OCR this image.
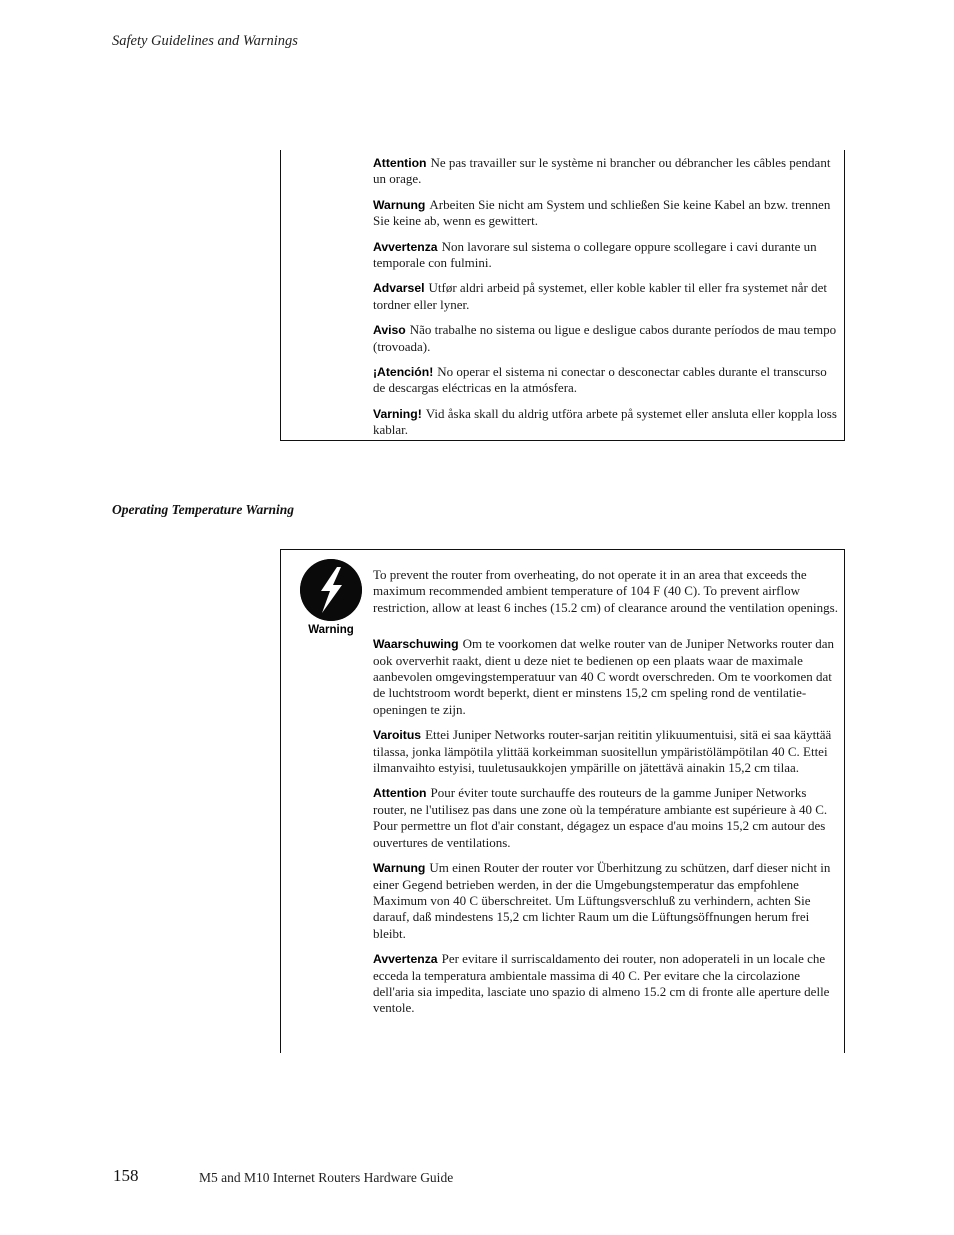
Safety Guidelines and Warnings

Attention Ne pas travailler sur le système ni brancher ou débrancher les câbles pendant un orage.

Warnung Arbeiten Sie nicht am System und schließen Sie keine Kabel an bzw. trennen Sie keine ab, wenn es gewittert.

Avvertenza Non lavorare sul sistema o collegare oppure scollegare i cavi durante un temporale con fulmini.

Advarsel Utfør aldri arbeid på systemet, eller koble kabler til eller fra systemet når det tordner eller lyner.

Aviso Não trabalhe no sistema ou ligue e desligue cabos durante períodos de mau tempo (trovoada).

¡Atención! No operar el sistema ni conectar o desconectar cables durante el transcurso de descargas eléctricas en la atmósfera.

Varning! Vid åska skall du aldrig utföra arbete på systemet eller ansluta eller koppla loss kablar.

Operating Temperature Warning
Warning

To prevent the router from overheating, do not operate it in an area that exceeds the maximum recommended ambient temperature of 104 F (40 C). To prevent airflow restriction, allow at least 6 inches (15.2 cm) of clearance around the ventilation openings.

Waarschuwing Om te voorkomen dat welke router van de Juniper Networks router dan ook oververhit raakt, dient u deze niet te bedienen op een plaats waar de maximale aanbevolen omgevingstemperatuur van 40 C wordt overschreden. Om te voorkomen dat de luchtstroom wordt beperkt, dient er minstens 15,2 cm speling rond de ventilatie-openingen te zijn.

Varoitus Ettei Juniper Networks router-sarjan reititin ylikuumentuisi, sitä ei saa käyttää tilassa, jonka lämpötila ylittää korkeimman suositellun ympäristölämpötilan 40 C. Ettei ilmanvaihto estyisi, tuuletusaukkojen ympärille on jätettävä ainakin 15,2 cm tilaa.

Attention Pour éviter toute surchauffe des routeurs de la gamme Juniper Networks router, ne l'utilisez pas dans une zone où la température ambiante est supérieure à 40 C. Pour permettre un flot d'air constant, dégagez un espace d'au moins 15,2 cm autour des ouvertures de ventilations.

Warnung Um einen Router der router vor Überhitzung zu schützen, darf dieser nicht in einer Gegend betrieben werden, in der die Umgebungstemperatur das empfohlene Maximum von 40 C überschreitet. Um Lüftungsverschluß zu verhindern, achten Sie darauf, daß mindestens 15,2 cm lichter Raum um die Lüftungsöffnungen herum frei bleibt.

Avvertenza Per evitare il surriscaldamento dei router, non adoperateli in un locale che ecceda la temperatura ambientale massima di 40 C. Per evitare che la circolazione dell'aria sia impedita, lasciate uno spazio di almeno 15.2 cm di fronte alle aperture delle ventole.

158	M5 and M10 Internet Routers Hardware Guide
